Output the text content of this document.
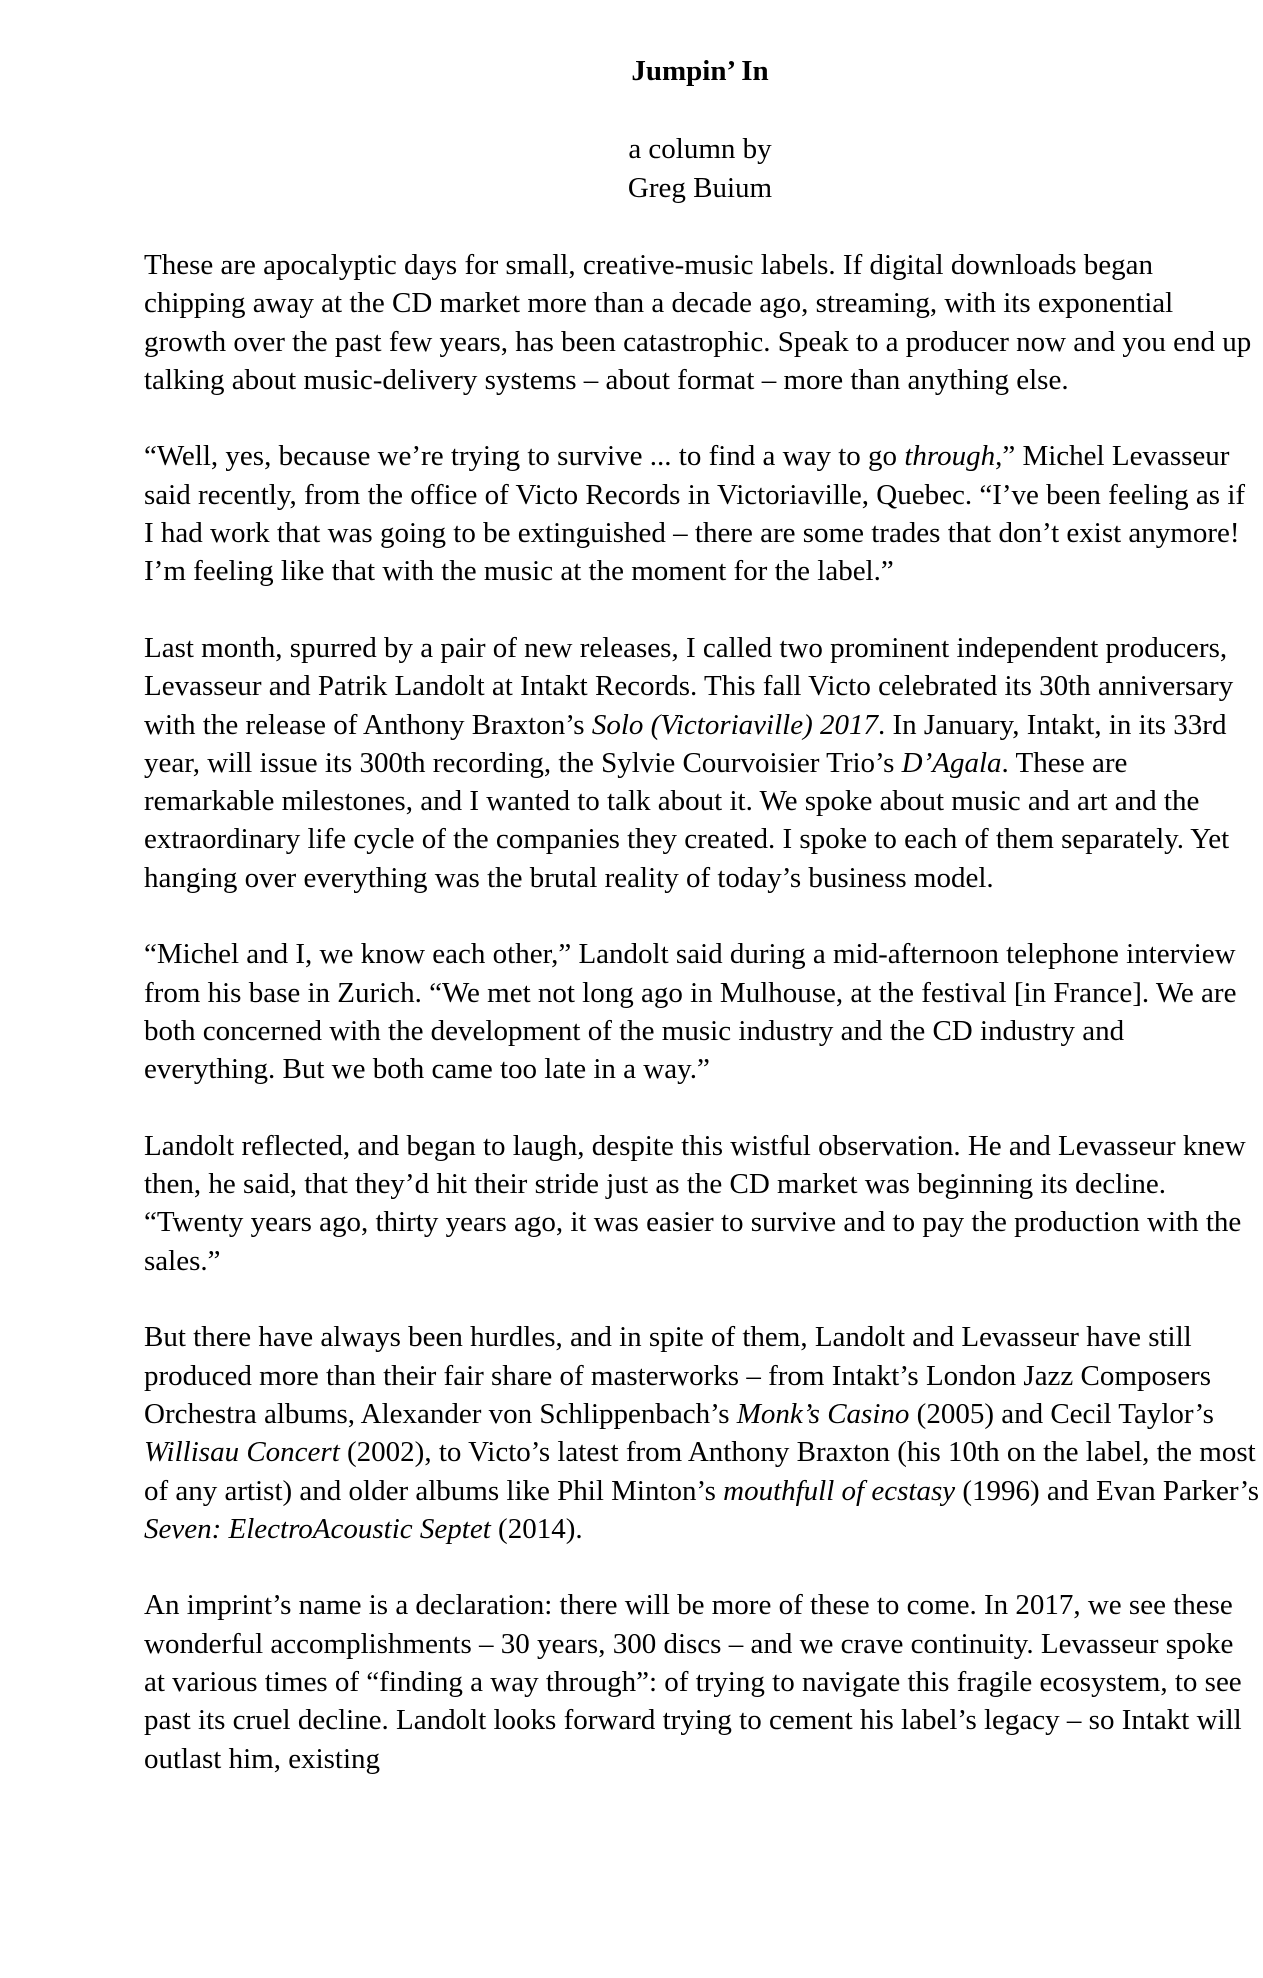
Jumpin’ In
a column by
Greg Buium

These are apocalyptic days for small, creative-music labels. If digital downloads began chipping away at the CD market more than a decade ago, streaming, with its exponential growth over the past few years, has been catastrophic. Speak to a producer now and you end up talking about music-delivery systems – about format – more than anything else.

“Well, yes, because we’re trying to survive ... to find a way to go through,” Michel Levasseur said recently, from the office of Victo Records in Victoriaville, Quebec. “I’ve been feeling as if I had work that was going to be extinguished – there are some trades that don’t exist anymore! I’m feeling like that with the music at the moment for the label.”

Last month, spurred by a pair of new releases, I called two prominent independent producers, Levasseur and Patrik Landolt at Intakt Records. This fall Victo celebrated its 30th anniversary with the release of Anthony Braxton’s Solo (Victoriaville) 2017. In January, Intakt, in its 33rd year, will issue its 300th recording, the Sylvie Courvoisier Trio’s D’Agala. These are remarkable milestones, and I wanted to talk about it. We spoke about music and art and the extraordinary life cycle of the companies they created. I spoke to each of them separately. Yet hanging over everything was the brutal reality of today’s business model.

“Michel and I, we know each other,” Landolt said during a mid-afternoon telephone interview from his base in Zurich. “We met not long ago in Mulhouse, at the festival [in France]. We are both concerned with the development of the music industry and the CD industry and everything. But we both came too late in a way.”

Landolt reflected, and began to laugh, despite this wistful observation. He and Levasseur knew then, he said, that they’d hit their stride just as the CD market was beginning its decline. “Twenty years ago, thirty years ago, it was easier to survive and to pay the production with the sales.”

But there have always been hurdles, and in spite of them, Landolt and Levasseur have still produced more than their fair share of masterworks – from Intakt’s London Jazz Composers Orchestra albums, Alexander von Schlippenbach’s Monk’s Casino (2005) and Cecil Taylor’s Willisau Concert (2002), to Victo’s latest from Anthony Braxton (his 10th on the label, the most of any artist) and older albums like Phil Minton’s mouthfull of ecstasy (1996) and Evan Parker’s Seven: ElectroAcoustic Septet (2014).

An imprint’s name is a declaration: there will be more of these to come. In 2017, we see these wonderful accomplishments – 30 years, 300 discs – and we crave continuity. Levasseur spoke at various times of “finding a way through”: of trying to navigate this fragile ecosystem, to see past its cruel decline. Landolt looks forward trying to cement his label’s legacy – so Intakt will outlast him, existing
